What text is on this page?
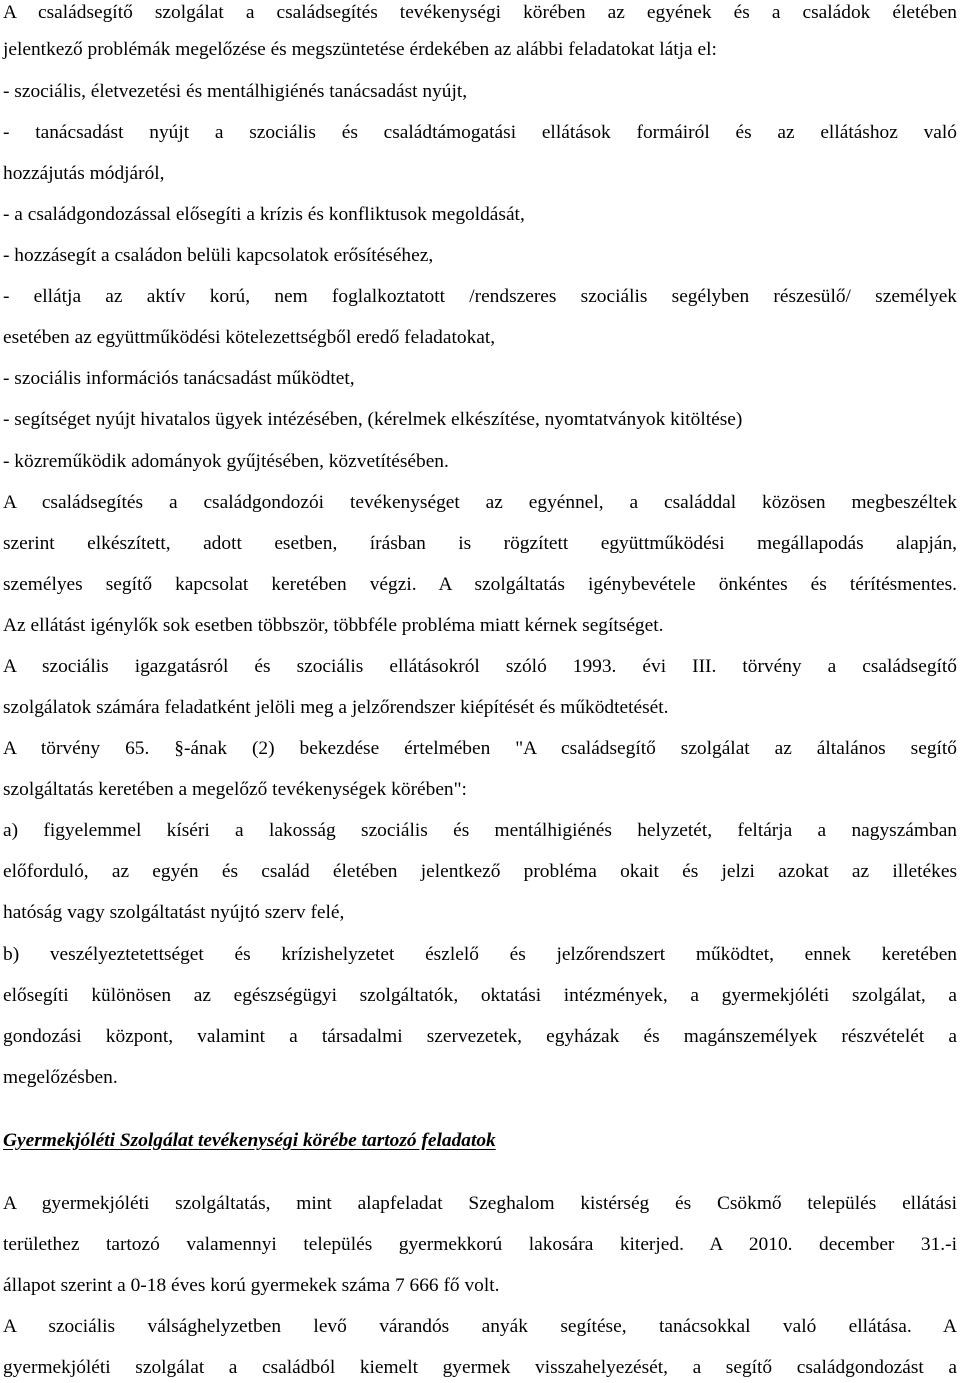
A családsegítő szolgálat a családsegítés tevékenységi körében az egyének és a családok életében
jelentkező problémák megelőzése és megszüntetése érdekében az alábbi feladatokat látja el:
- szociális, életvezetési és mentálhigiénés tanácsadást nyújt,
- tanácsadást nyújt a szociális és családtámogatási ellátások formáiról és az ellátáshoz való
hozzájutás módjáról,
- a családgondozással elősegíti a krízis és konfliktusok megoldását,
- hozzásegít a családon belüli kapcsolatok erősítéséhez,
- ellátja az aktív korú, nem foglalkoztatott /rendszeres szociális segélyben részesülő/ személyek
esetében az együttműködési kötelezettségből eredő feladatokat,
- szociális információs tanácsadást működtet,
- segítséget nyújt hivatalos ügyek intézésében, (kérelmek elkészítése, nyomtatványok kitöltése)
- közreműködik adományok gyűjtésében, közvetítésében.
A családsegítés a családgondozói tevékenységet az egyénnel, a családdal közösen megbeszéltek
szerint elkészített, adott esetben, írásban is rögzített együttműködési megállapodás alapján,
személyes segítő kapcsolat keretében végzi. A szolgáltatás igénybevétele önkéntes és térítésmentes.
Az ellátást igénylők sok esetben többször, többféle probléma miatt kérnek segítséget.
A szociális igazgatásról és szociális ellátásokról szóló 1993. évi III. törvény a családsegítő
szolgálatok számára feladatként jelöli meg a jelzőrendszer kiépítését és működtetését.
A törvény 65. §-ának (2) bekezdése értelmében "A családsegítő szolgálat az általános segítő
szolgáltatás keretében a megelőző tevékenységek körében":
a) figyelemmel kíséri a lakosság szociális és mentálhigiénés helyzetét, feltárja a nagyszámban
előforduló, az egyén és család életében jelentkező probléma okait és jelzi azokat az illetékes
hatóság vagy szolgáltatást nyújtó szerv felé,
b) veszélyeztetettséget és krízishelyzetet észlelő és jelzőrendszert működtet, ennek keretében
elősegíti különösen az egészségügyi szolgáltatók, oktatási intézmények, a gyermekjóléti szolgálat, a
gondozási központ, valamint a társadalmi szervezetek, egyházak és magánszemélyek részvételét a
megelőzésben.
Gyermekjóléti Szolgálat tevékenységi körébe tartozó feladatok
A gyermekjóléti szolgáltatás, mint alapfeladat Szeghalom kistérség és Csökmő település ellátási
területhez tartozó valamennyi település gyermekkorú lakosára kiterjed. A 2010. december 31.-i
állapot szerint a 0-18 éves korú gyermekek száma 7 666 fő volt.
A szociális válsághelyzetben levő várandós anyák segítése, tanácsokkal való ellátása. A
gyermekjóléti szolgálat a családból kiemelt gyermek visszahelyezését, a segítő családgondozást a
